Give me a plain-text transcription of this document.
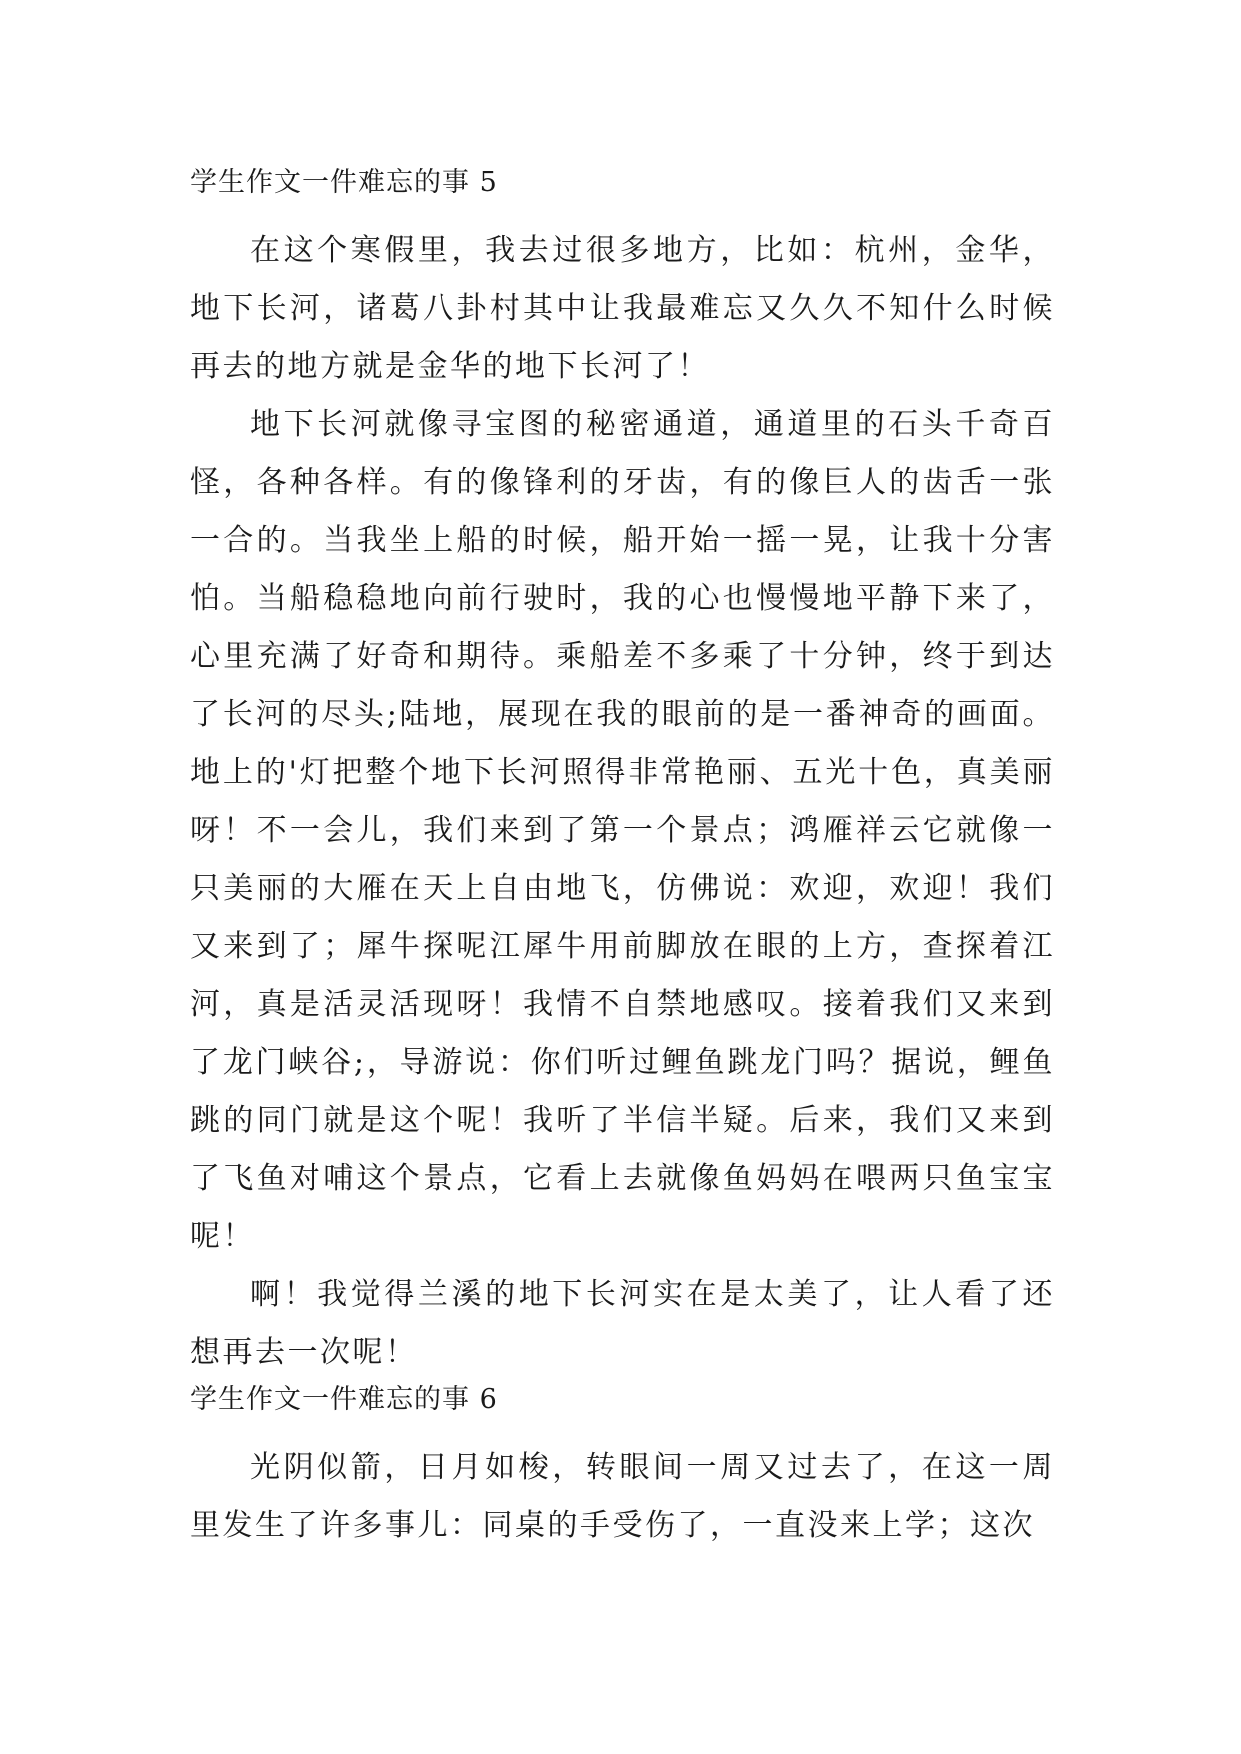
学生作文一件难忘的事 5

在这个寒假里，我去过很多地方，比如：杭州，金华，地下长河，诸葛八卦村其中让我最难忘又久久不知什么时候再去的地方就是金华的地下长河了！

地下长河就像寻宝图的秘密通道，通道里的石头千奇百怪，各种各样。有的像锋利的牙齿，有的像巨人的齿舌一张一合的。当我坐上船的时候，船开始一摇一晃，让我十分害怕。当船稳稳地向前行驶时，我的心也慢慢地平静下来了，心里充满了好奇和期待。乘船差不多乘了十分钟，终于到达了长河的尽头;陆地，展现在我的眼前的是一番神奇的画面。地上的'灯把整个地下长河照得非常艳丽、五光十色，真美丽呀！不一会儿，我们来到了第一个景点；鸿雁祥云它就像一只美丽的大雁在天上自由地飞，仿佛说：欢迎，欢迎！我们又来到了；犀牛探呢江犀牛用前脚放在眼的上方，查探着江河，真是活灵活现呀！我情不自禁地感叹。接着我们又来到了龙门峡谷;，导游说：你们听过鲤鱼跳龙门吗？据说，鲤鱼跳的同门就是这个呢！我听了半信半疑。后来，我们又来到了飞鱼对哺这个景点，它看上去就像鱼妈妈在喂两只鱼宝宝呢！

啊！我觉得兰溪的地下长河实在是太美了，让人看了还想再去一次呢！

学生作文一件难忘的事 6

光阴似箭，日月如梭，转眼间一周又过去了，在这一周里发生了许多事儿：同桌的手受伤了，一直没来上学；这次
